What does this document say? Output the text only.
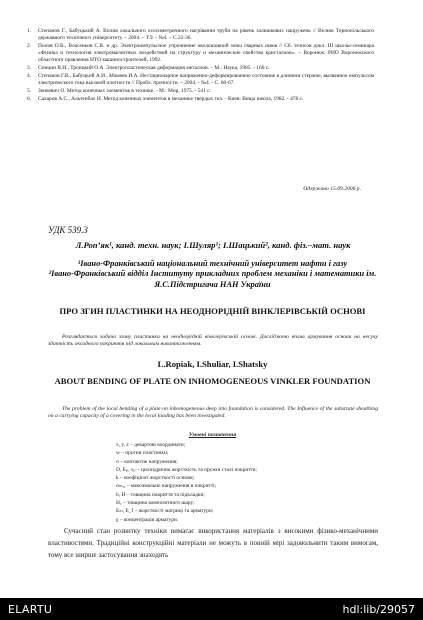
1. Степанов Г., Бабуцький А. Вплив локального осесиметричного нагрівання труби на рівень залишкових напружень // Вісник Тернопільського державного технічного університету. – 2004. – Т.9. - №4. – С.32-36.
2. Попов О.В., Власенков С.В. и др. Электроимпульсное упрочнение околошовной зоны сварных швов // Сб. тезисов докл. III школы-семинара «Физика и технология электромагнитных воздействий на структуру и механические свойства кристаллов». – Воронеж: РИО Воронежского областного правления НТО машиностроителей, 1992.
3. Спицин В.И., Троицкий О.А. Электропластическая деформация металлов. – М.: Наука, 1985. - 160 с.
4. Степанов Г.В., Бабуцкий А.И., Мамеев И.А. Нестационарное напряженно-деформированное состояние в длинном стержне, вызванное импульсом электрического тока высокой плотности // Пробл. прочности. – 2004. - №4. - С. 60-67.
5. Зенкевич О. Метод конечных элементов в технике. - М.: Мир, 1975. - 541 с.
6. Сахаров А.С., Альтенбах И. Метод конечных элементов в механике твердых тел. - Киев: Вища школа, 1982. - 478 с.
Одержано 15.09.2006 р.
УДК 539.3
Л.Роп’як¹, канд. техн. наук; І.Шуляр¹; І.Шацький², канд. фіз.–мат. наук
¹Івано-Франківський національний технічний університет нафти і газу
²Івано-Франківський відділ Інституту прикладних проблем механіки і математики ім. Я.С.Підстригача НАН України
ПРО ЗГИН ПЛАСТИНКИ НА НЕОДНОРІДНІЙ ВІНКЛЕРІВСЬКІЙ ОСНОВІ
Розглядається задача згину пластинки на неоднорідній вінклерівській основі. Досліджено вплив армування основи на несучу здатність оксидного покриття під локальним навантаженням.
L.Ropiak, I.Shuliar, I.Shatsky
ABOUT BENDING OF PLATE ON INHOMOGENEOUS VINKLER FOUNDATION
The problem of the local bending of a plate on inhomogeneous deep into foundation is considered. The Influence of the substrate sheathing on a carrying capacity of a covering in the local loading has been investigated.
Умовні позначення
x, y, z – декартові координати;
w – прогин пластинки;
σ – контактне напруження;
D, Eₚ, νₚ – циліндрична жорсткість та пружні сталі покриття;
k – коефіцієнт жорсткості основи;
σₘₐₓ – максимальне напруження в покритті;
h, H – товщина покриття та підкладки;
H꜀ – товщина композитного шару;
Eₘ, E_f – жорсткості матриці та арматури;
χ – концентрація арматури.
Сучасний стан розвитку техніки вимагає використання матеріалів з високими фізико-механічними властивостями. Традиційні конструкційні матеріали не можуть в повній мірі задовольнити таким вимогам, тому все ширше застосування знаходять
ELARTU	hdl:lib/29057
